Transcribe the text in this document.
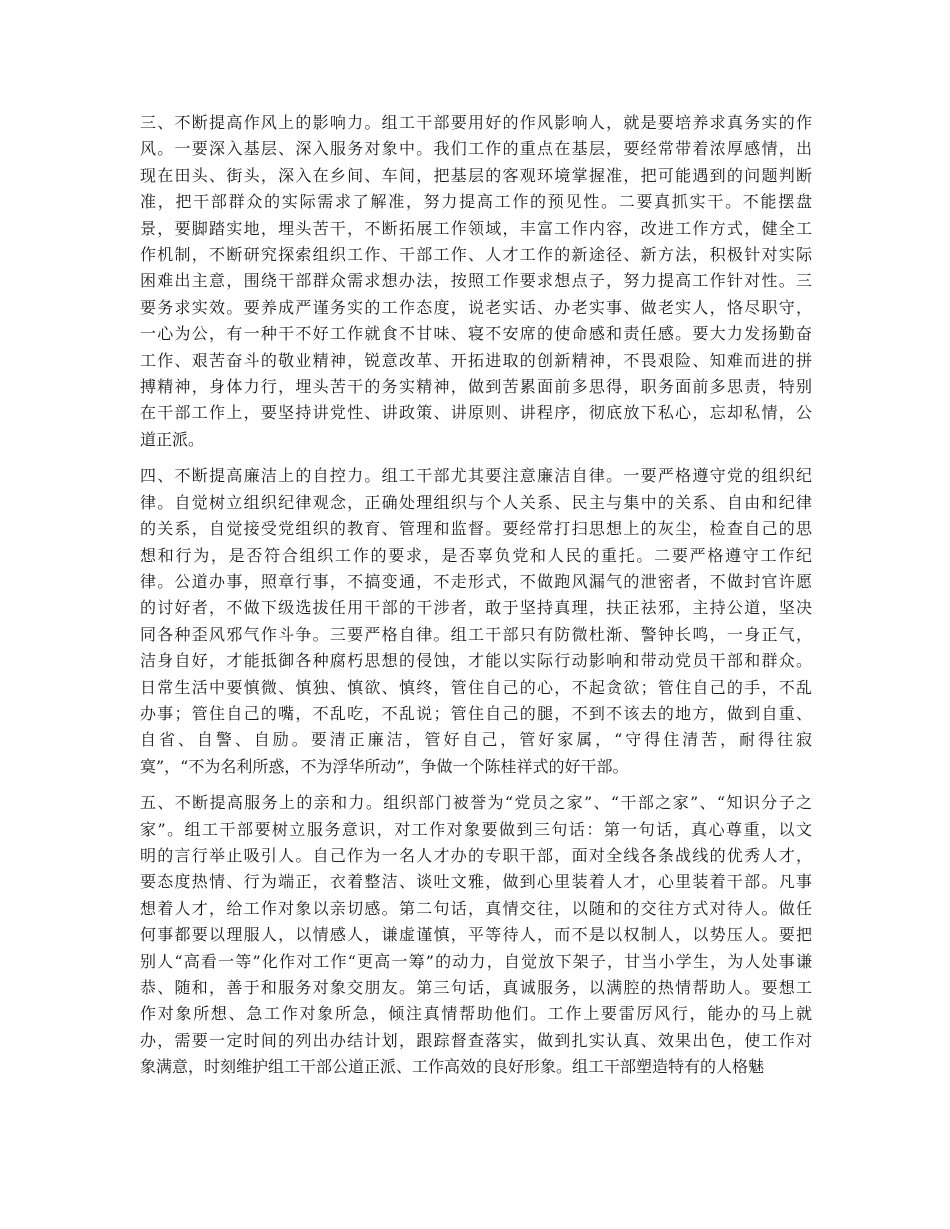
三、不断提高作风上的影响力。组工干部要用好的作风影响人，就是要培养求真务实的作
风。一要深入基层、深入服务对象中。我们工作的重点在基层，要经常带着浓厚感情，出
现在田头、街头，深入在乡间、车间，把基层的客观环境掌握准，把可能遇到的问题判断
准，把干部群众的实际需求了解准，努力提高工作的预见性。二要真抓实干。不能摆盘
景，要脚踏实地，埋头苦干，不断拓展工作领域，丰富工作内容，改进工作方式，健全工
作机制，不断研究探索组织工作、干部工作、人才工作的新途径、新方法，积极针对实际
困难出主意，围绕干部群众需求想办法，按照工作要求想点子，努力提高工作针对性。三
要务求实效。要养成严谨务实的工作态度，说老实话、办老实事、做老实人，恪尽职守，
一心为公，有一种干不好工作就食不甘味、寝不安席的使命感和责任感。要大力发扬勤奋
工作、艰苦奋斗的敬业精神，锐意改革、开拓进取的创新精神，不畏艰险、知难而进的拼
搏精神，身体力行，埋头苦干的务实精神，做到苦累面前多思得，职务面前多思责，特别
在干部工作上，要坚持讲党性、讲政策、讲原则、讲程序，彻底放下私心，忘却私情，公
道正派。
四、不断提高廉洁上的自控力。组工干部尤其要注意廉洁自律。一要严格遵守党的组织纪
律。自觉树立组织纪律观念，正确处理组织与个人关系、民主与集中的关系、自由和纪律
的关系，自觉接受党组织的教育、管理和监督。要经常打扫思想上的灰尘，检查自己的思
想和行为，是否符合组织工作的要求，是否辜负党和人民的重托。二要严格遵守工作纪
律。公道办事，照章行事，不搞变通，不走形式，不做跑风漏气的泄密者，不做封官许愿
的讨好者，不做下级选拔任用干部的干涉者，敢于坚持真理，扶正祛邪，主持公道，坚决
同各种歪风邪气作斗争。三要严格自律。组工干部只有防微杜渐、警钟长鸣，一身正气，
洁身自好，才能抵御各种腐朽思想的侵蚀，才能以实际行动影响和带动党员干部和群众。
日常生活中要慎微、慎独、慎欲、慎终，管住自己的心，不起贪欲；管住自己的手，不乱
办事；管住自己的嘴，不乱吃，不乱说；管住自己的腿，不到不该去的地方，做到自重、
自省、自警、自励。要清正廉洁，管好自己，管好家属，“守得住清苦，耐得往寂
寞”，“不为名利所惑，不为浮华所动”，争做一个陈桂祥式的好干部。
五、不断提高服务上的亲和力。组织部门被誉为“党员之家”、“干部之家”、“知识分子之
家”。组工干部要树立服务意识，对工作对象要做到三句话：第一句话，真心尊重，以文
明的言行举止吸引人。自己作为一名人才办的专职干部，面对全线各条战线的优秀人才，
要态度热情、行为端正，衣着整洁、谈吐文雅，做到心里装着人才，心里装着干部。凡事
想着人才，给工作对象以亲切感。第二句话，真情交往，以随和的交往方式对待人。做任
何事都要以理服人，以情感人，谦虚谨慎，平等待人，而不是以权制人，以势压人。要把
别人“高看一等”化作对工作“更高一筹”的动力，自觉放下架子，甘当小学生，为人处事谦
恭、随和，善于和服务对象交朋友。第三句话，真诚服务，以满腔的热情帮助人。要想工
作对象所想、急工作对象所急，倾注真情帮助他们。工作上要雷厉风行，能办的马上就
办，需要一定时间的列出办结计划，跟踪督查落实，做到扎实认真、效果出色，使工作对
象满意，时刻维护组工干部公道正派、工作高效的良好形象。组工干部塑造特有的人格魅
